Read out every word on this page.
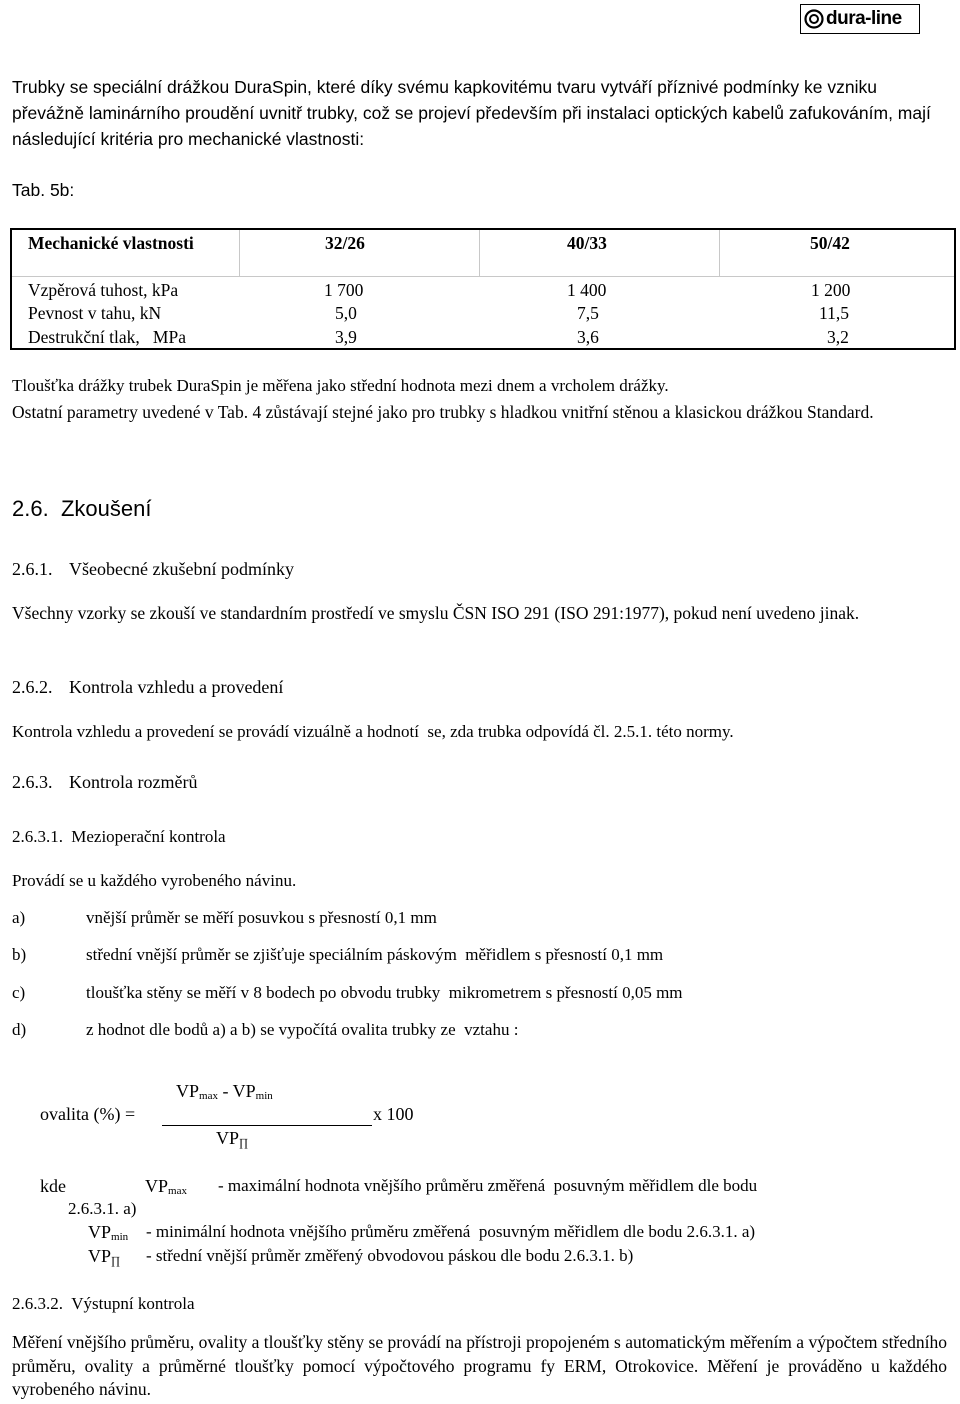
dura-line
Trubky se speciální drážkou DuraSpin, které díky svému kapkovitému tvaru vytváří příznivé podmínky ke vzniku převážně laminárního proudění uvnitř trubky, což se projeví především při instalaci optických kabelů zafukováním, mají následující kritéria pro mechanické vlastnosti:
Tab. 5b:
Mechanické vlastnosti	32/26	40/33	50/42
Vzpěrová tuhost, kPa	1 700	1 400	1 200
Pevnost v tahu, kN	5,0	7,5	11,5
Destrukční tlak,   MPa	3,9	3,6	3,2
Tloušťka drážky trubek DuraSpin je měřena jako střední hodnota mezi dnem a vrcholem drážky.
Ostatní parametry uvedené v Tab. 4 zůstávají stejné jako pro trubky s hladkou vnitřní stěnou a klasickou drážkou Standard.
2.6. Zkoušení
2.6.1. Všeobecné zkušební podmínky
Všechny vzorky se zkouší ve standardním prostředí ve smyslu ČSN ISO 291 (ISO 291:1977), pokud není uvedeno jinak.
2.6.2. Kontrola vzhledu a provedení
Kontrola vzhledu a provedení se provádí vizuálně a hodnotí  se, zda trubka odpovídá čl. 2.5.1. této normy.
2.6.3. Kontrola rozměrů
2.6.3.1. Mezioperační kontrola
Provádí se u každého vyrobeného návinu.
a)	vnější průměr se měří posuvkou s přesností 0,1 mm
b)	střední vnější průměr se zjišťuje speciálním páskovým  měřidlem s přesností 0,1 mm
c)	tloušťka stěny se měří v 8 bodech po obvodu trubky  mikrometrem s přesností 0,05 mm
d)	z hodnot dle bodů a) a b) se vypočítá ovalita trubky ze  vztahu :
$VP_{max} - VP_{min}$
ovalita (%) =	x 100
$VP_\prod$
kde	$VP_{max}$ - maximální hodnota vnějšího průměru změřená  posuvným měřidlem dle bodu
2.6.3.1. a)
$VP_{min}$ - minimální hodnota vnějšího průměru změřená  posuvným měřidlem dle bodu 2.6.3.1. a)
$VP_\prod$ - střední vnější průměr změřený obvodovou páskou dle bodu 2.6.3.1. b)
2.6.3.2. Výstupní kontrola
Měření vnějšího průměru, ovality a tloušťky stěny se provádí na přístroji propojeném s automatickým měřením a výpočtem středního průměru, ovality a průměrné tloušťky pomocí výpočtového programu fy ERM, Otrokovice. Měření je prováděno u každého vyrobeného návinu.
